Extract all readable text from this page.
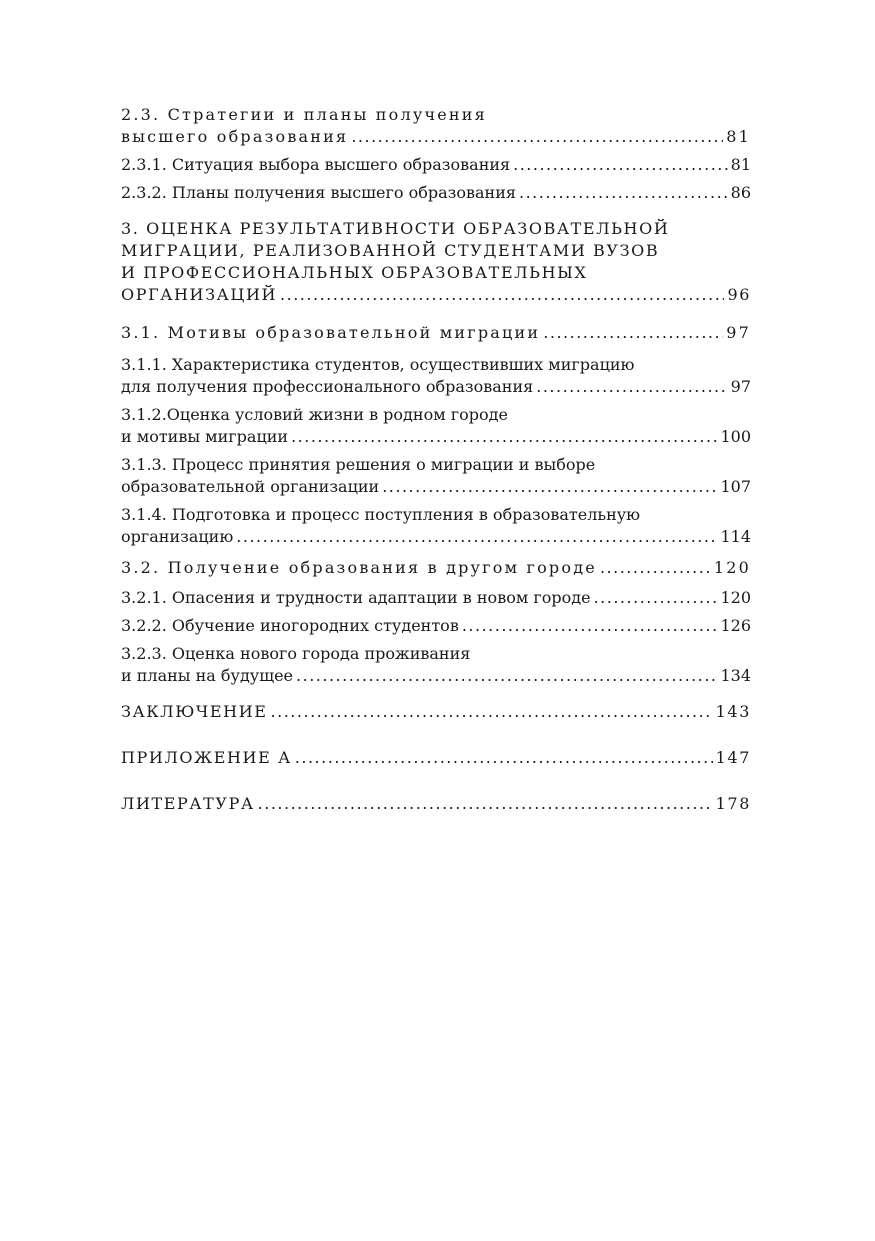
2.3. Стратегии и планы получения
высшего образования .....	81
2.3.1. Ситуация выбора высшего образования .....	81
2.3.2. Планы получения высшего образования .....	86
3. ОЦЕНКА РЕЗУЛЬТАТИВНОСТИ ОБРАЗОВАТЕЛЬНОЙ
МИГРАЦИИ, РЕАЛИЗОВАННОЙ СТУДЕНТАМИ ВУЗОВ
И ПРОФЕССИОНАЛЬНЫХ ОБРАЗОВАТЕЛЬНЫХ
ОРГАНИЗАЦИЙ .....	96
3.1. Мотивы образовательной миграции .....	97
3.1.1. Характеристика студентов, осуществивших миграцию
для получения профессионального образования .....	97
3.1.2.Оценка условий жизни в родном городе
и мотивы миграции .....	100
3.1.3. Процесс принятия решения о миграции и выборе
образовательной организации .....	107
3.1.4. Подготовка и процесс поступления в образовательную
организацию .....	114
3.2. Получение образования в другом городе .....	120
3.2.1. Опасения и трудности адаптации в новом городе .....	120
3.2.2. Обучение иногородних студентов .....	126
3.2.3. Оценка нового города проживания
и планы на будущее .....	134
ЗАКЛЮЧЕНИЕ .....	143
ПРИЛОЖЕНИЕ А .....	147
ЛИТЕРАТУРА .....	178
